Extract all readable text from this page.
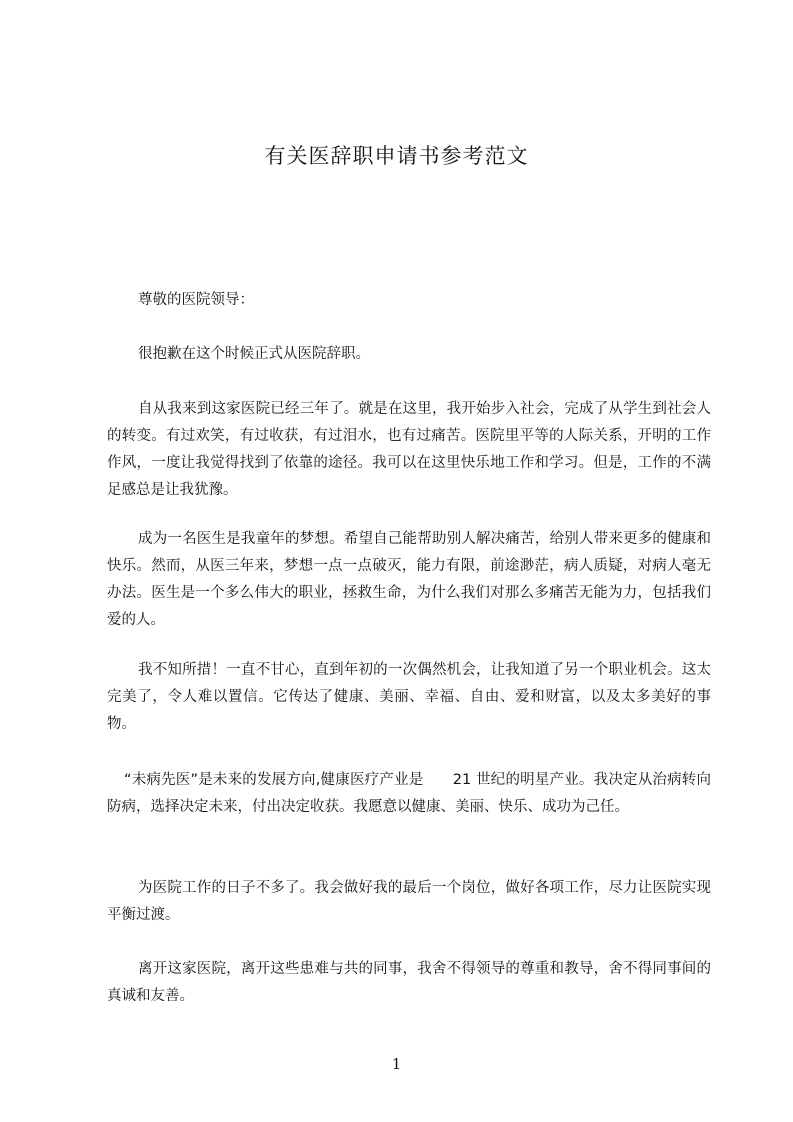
有关医辞职申请书参考范文

尊敬的医院领导：

很抱歉在这个时候正式从医院辞职。

自从我来到这家医院已经三年了。就是在这里，我开始步入社会，完成了从学生到社会人的转变。有过欢笑，有过收获，有过泪水，也有过痛苦。医院里平等的人际关系，开明的工作作风，一度让我觉得找到了依靠的途径。我可以在这里快乐地工作和学习。但是，工作的不满足感总是让我犹豫。

成为一名医生是我童年的梦想。希望自己能帮助别人解决痛苦，给别人带来更多的健康和快乐。然而，从医三年来，梦想一点一点破灭，能力有限，前途渺茫，病人质疑，对病人毫无办法。医生是一个多么伟大的职业，拯救生命，为什么我们对那么多痛苦无能为力，包括我们爱的人。

我不知所措！一直不甘心，直到年初的一次偶然机会，让我知道了另一个职业机会。这太完美了，令人难以置信。它传达了健康、美丽、幸福、自由、爱和财富，以及太多美好的事物。

“未病先医”是未来的发展方向,健康医疗产业是　　21 世纪的明星产业。我决定从治病转向防病，选择决定未来，付出决定收获。我愿意以健康、美丽、快乐、成功为己任。

为医院工作的日子不多了。我会做好我的最后一个岗位，做好各项工作，尽力让医院实现平衡过渡。

离开这家医院，离开这些患难与共的同事，我舍不得领导的尊重和教导，舍不得同事间的真诚和友善。

1
